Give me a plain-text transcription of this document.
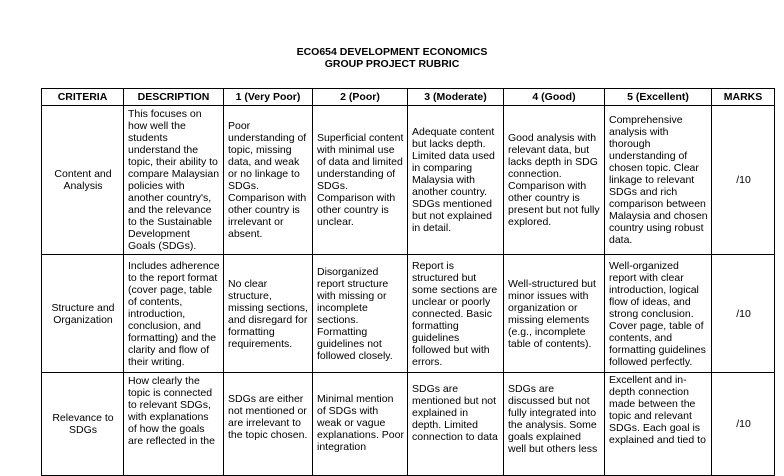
ECO654 DEVELOPMENT ECONOMICS
GROUP PROJECT RUBRIC
CRITERIA	DESCRIPTION	1 (Very Poor)	2 (Poor)	3 (Moderate)	4 (Good)	5 (Excellent)	MARKS
Content and Analysis	This focuses on how well the students understand the topic, their ability to compare Malaysian policies with another country's, and the relevance to the Sustainable Development Goals (SDGs).	Poor understanding of topic, missing data, and weak or no linkage to SDGs. Comparison with other country is irrelevant or absent.	Superficial content with minimal use of data and limited understanding of SDGs. Comparison with other country is unclear.	Adequate content but lacks depth. Limited data used in comparing Malaysia with another country. SDGs mentioned but not explained in detail.	Good analysis with relevant data, but lacks depth in SDG connection. Comparison with other country is present but not fully explored.	Comprehensive analysis with thorough understanding of chosen topic. Clear linkage to relevant SDGs and rich comparison between Malaysia and chosen country using robust data.	/10
Structure and Organization	Includes adherence to the report format (cover page, table of contents, introduction, conclusion, and formatting) and the clarity and flow of their writing.	No clear structure, missing sections, and disregard for formatting requirements.	Disorganized report structure with missing or incomplete sections. Formatting guidelines not followed closely.	Report is structured but some sections are unclear or poorly connected. Basic formatting guidelines followed but with errors.	Well-structured but minor issues with organization or missing elements (e.g., incomplete table of contents).	Well-organized report with clear introduction, logical flow of ideas, and strong conclusion. Cover page, table of contents, and formatting guidelines followed perfectly.	/10
Relevance to SDGs	How clearly the topic is connected to relevant SDGs, with explanations of how the goals are reflected in the	SDGs are either not mentioned or are irrelevant to the topic chosen.	Minimal mention of SDGs with weak or vague explanations. Poor integration	SDGs are mentioned but not explained in depth. Limited connection to data	SDGs are discussed but not fully integrated into the analysis. Some goals explained well but others less	Excellent and in-depth connection made between the topic and relevant SDGs. Each goal is explained and tied to	/10
